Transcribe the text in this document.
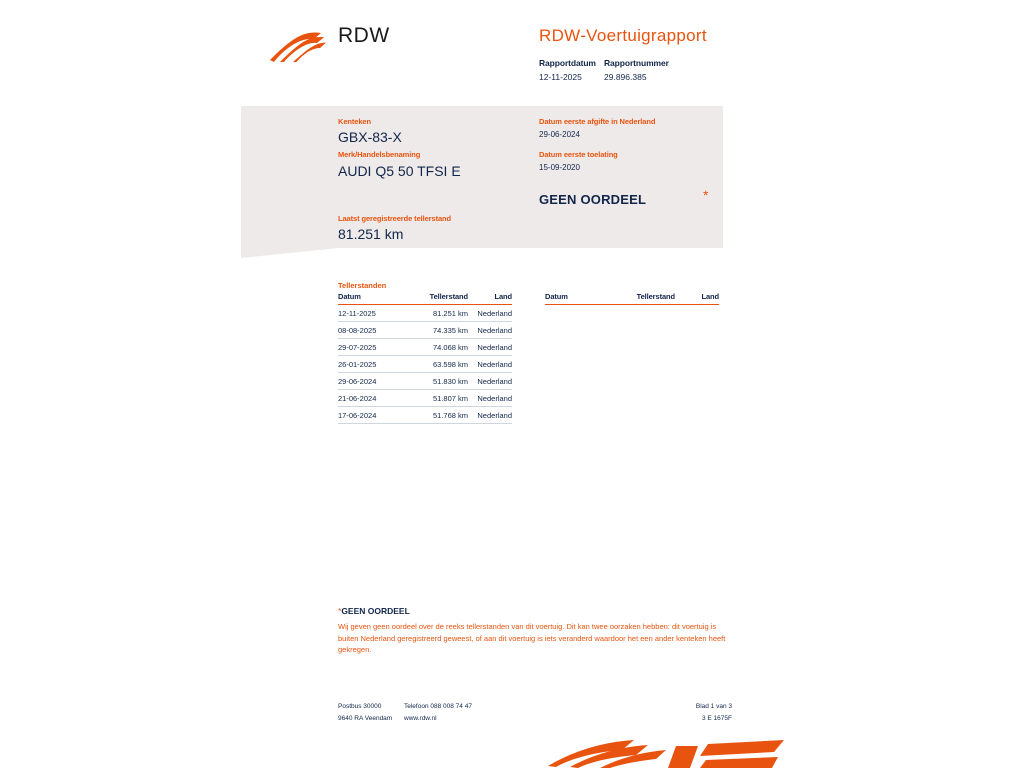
RDW	RDW-Voertuigrapport
Rapportdatum
12-11-2025
Rapportnummer
29.896.385
Kenteken
GBX-83-X
Merk/Handelsbenaming
AUDI Q5 50 TFSI E
Laatst geregistreerde tellerstand
81.251 km
Datum eerste afgifte in Nederland
29-06-2024
Datum eerste toelating
15-09-2020
GEEN OORDEEL	*
Tellerstanden
Datum	Tellerstand	Land
12-11-2025	81.251 km	Nederland
08-08-2025	74.335 km	Nederland
29-07-2025	74.068 km	Nederland
26-01-2025	63.598 km	Nederland
29-06-2024	51.830 km	Nederland
21-06-2024	51.807 km	Nederland
17-06-2024	51.768 km	Nederland
Datum	Tellerstand	Land
*GEEN OORDEEL
Wij geven geen oordeel over de reeks tellerstanden van dit voertuig. Dit kan twee oorzaken hebben: dit voertuig is buiten Nederland geregistreerd geweest, of aan dit voertuig is iets veranderd waardoor het een ander kenteken heeft gekregen.
Postbus 30000	Telefoon 088 008 74 47	Blad 1 van 3
9640 RA Veendam www.rdw.nl	3 E 1675F
